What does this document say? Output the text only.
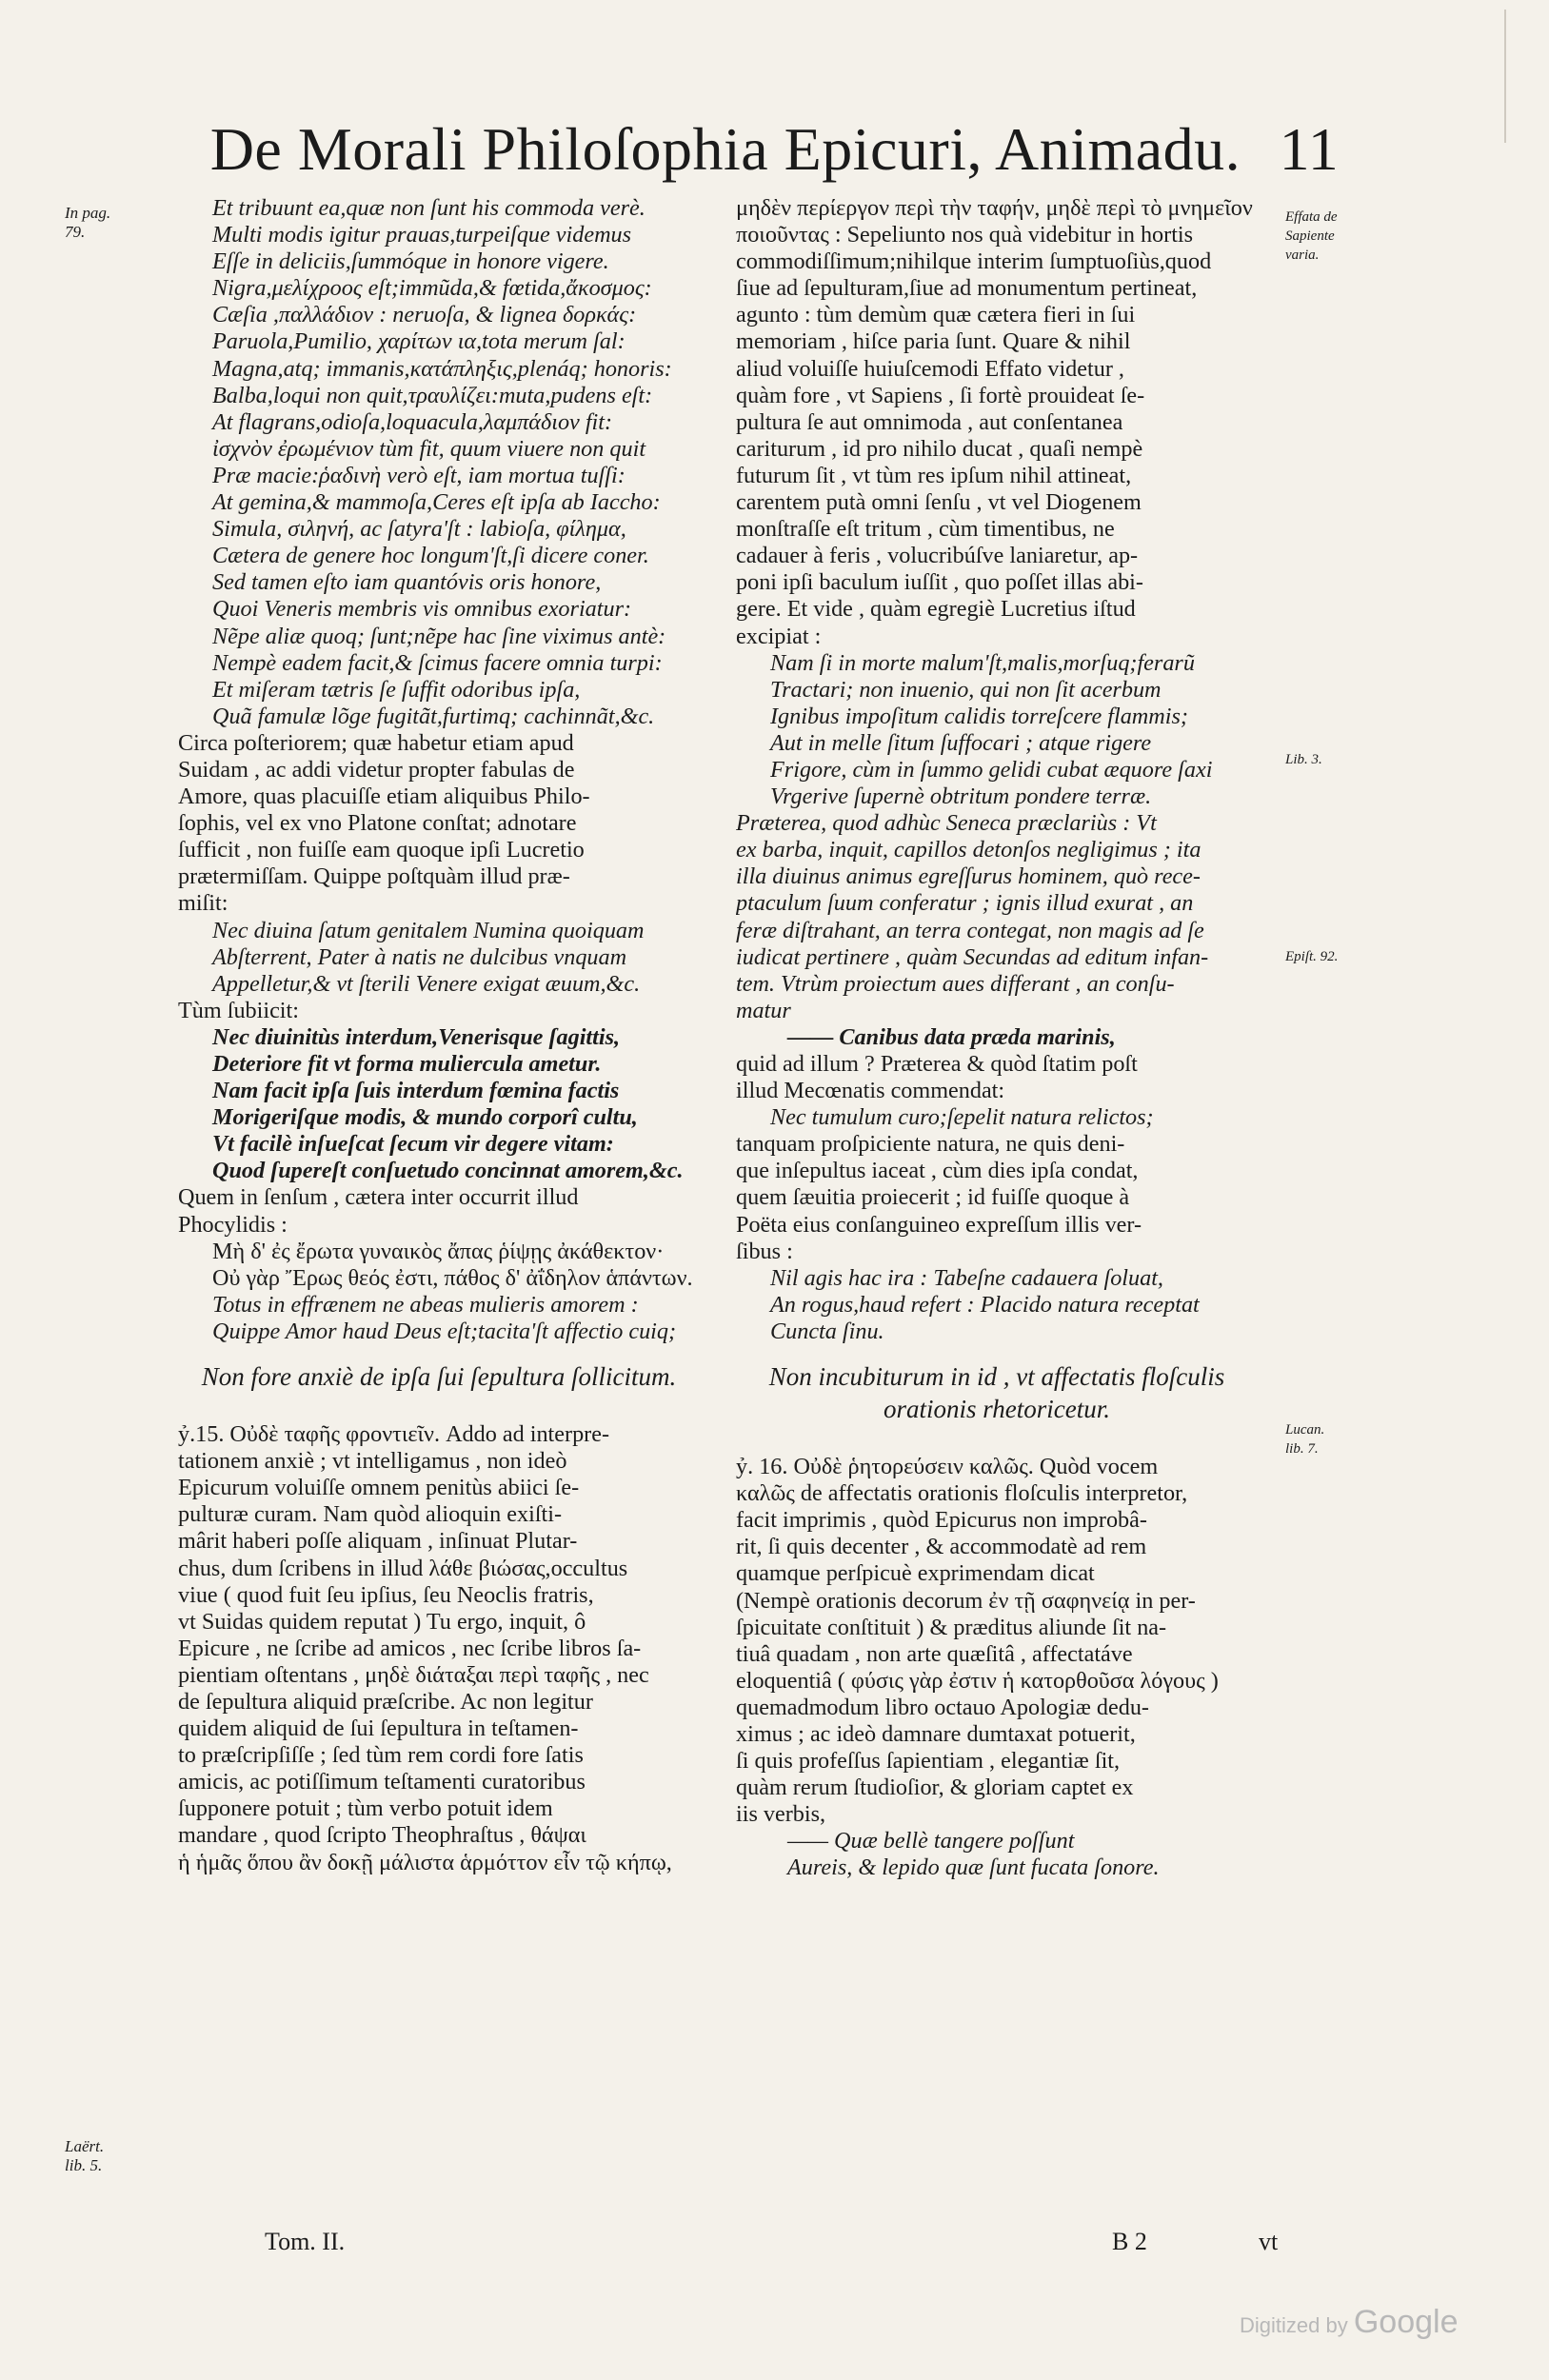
De Morali Philoſophia Epicuri, Animadu. 11
In pag.
79.
Laërt.
lib. 5.
Effata de Sapiente varia.
Lib. 3.
Epiſt. 92.
Lucan.
lib. 7.
Et tribuunt ea,quæ non ſunt his commoda verè.
Multi modis igitur prauas,turpeiſque videmus
Eſſe in deliciis,ſummóque in honore vigere.
Nigra,μελίχροος eſt;immũda,& fœtida,ἄκοσμος:
Cæſia ,παλλάδιον : neruoſa, & lignea δορκάς:
Paruola,Pumilio, χαρίτων ια,tota merum ſal:
Magna,atq; immanis,κατάπληξις,plenáq; honoris:
Balba,loqui non quit,τραυλίζει:muta,pudens eſt:
At flagrans,odioſa,loquacula,λαμπάδιον fit:
ἰσχνὸν ἐρωμένιον tùm fit, quum viuere non quit
Præ macie:ῥαδινὴ verò eſt, iam mortua tuſſi:
At gemina,& mammoſa,Ceres eſt ipſa ab Iaccho:
Simula, σιληνή, ac ſatyra'ſt : labioſa, φίλημα,
Cætera de genere hoc longum'ſt,ſi dicere coner.
Sed tamen eſto iam quantóvis oris honore,
Quoi Veneris membris vis omnibus exoriatur:
Nẽpe aliæ quoq; ſunt;nẽpe hac ſine viximus antè:
Nempè eadem facit,& ſcimus facere omnia turpi:
Et miſeram tætris ſe ſuffit odoribus ipſa,
Quã famulæ lõge fugitãt,furtimq; cachinnãt,&c.
Circa poſteriorem; quæ habetur etiam apud
Suidam , ac addi videtur propter fabulas de
Amore, quas placuiſſe etiam aliquibus Philo-
ſophis, vel ex vno Platone conſtat; adnotare
ſufficit , non fuiſſe eam quoque ipſi Lucretio
prætermiſſam. Quippe poſtquàm illud præ-
miſit:
Nec diuina ſatum genitalem Numina quoiquam
Abſterrent, Pater à natis ne dulcibus vnquam
Appelletur,& vt ſterili Venere exigat æuum,&c.
Tùm ſubiicit:
Nec diuinitùs interdum,Venerisque ſagittis,
Deteriore fit vt forma muliercula ametur.
Nam facit ipſa ſuis interdum fœmina factis
Morigeriſque modis, & mundo corporî cultu,
Vt facilè inſueſcat ſecum vir degere vitam:
Quod ſupereſt conſuetudo concinnat amorem,&c.
Quem in ſenſum , cætera inter occurrit illud
Phocylidis :
Μὴ δ' ἐς ἔρωτα γυναικὸς ἄπας ῥίψῃς ἀκάθεκτον·
Οὐ γὰρ Ἔρως θεός ἐστι, πάθος δ' ἀΐδηλον ἁπάντων.
Totus in effrænem ne abeas mulieris amorem :
Quippe Amor haud Deus eſt;tacita'ſt affectio cuiq;
Non fore anxiè de ipſa ſui ſepultura ſollicitum.
ỷ.15. Οὐδὲ ταφῆς φροντιεῖν. Addo ad interpre-
tationem anxiè ; vt intelligamus , non ideò
Epicurum voluiſſe omnem penitùs abiici ſe-
pulturæ curam. Nam quòd alioquin exiſti-
mârit haberi poſſe aliquam , inſinuat Plutar-
chus, dum ſcribens in illud λάθε βιώσας,occultus
viue ( quod fuit ſeu ipſius, ſeu Neoclis fratris,
vt Suidas quidem reputat ) Tu ergo, inquit, ô
Epicure , ne ſcribe ad amicos , nec ſcribe libros ſa-
pientiam oſtentans , μηδὲ διάταξαι περὶ ταφῆς , nec
de ſepultura aliquid præſcribe. Ac non legitur
quidem aliquid de ſui ſepultura in teſtamen-
to præſcripſiſſe ; ſed tùm rem cordi fore ſatis
amicis, ac potiſſimum teſtamenti curatoribus
ſupponere potuit ; tùm verbo potuit idem
mandare , quod ſcripto Theophraſtus , θάψαι
ἡ ἡμᾶς ὅπου ἂν δοκῇ μάλιστα ἁρμόττον εἶν τῷ κήπῳ,
Tom. II.
μηδὲν περίεργον περὶ τὴν ταφήν, μηδὲ περὶ τὸ μνημεῖον
ποιοῦντας : Sepeliunto nos quà videbitur in hortis
commodiſſimum;nihilque interim ſumptuoſiùs,quod
ſiue ad ſepulturam,ſiue ad monumentum pertineat,
agunto : tùm demùm quæ cætera fieri in ſui
memoriam , hiſce paria ſunt. Quare & nihil
aliud voluiſſe huiuſcemodi Effato videtur ,
quàm fore , vt Sapiens , ſi fortè prouideat ſe-
pultura ſe aut omnimoda , aut conſentanea
cariturum , id pro nihilo ducat , quaſi nempè
futurum ſit , vt tùm res ipſum nihil attineat,
carentem putà omni ſenſu , vt vel Diogenem
monſtraſſe eſt tritum , cùm timentibus, ne
cadauer à feris , volucribúſve laniaretur, ap-
poni ipſi baculum iuſſit , quo poſſet illas abi-
gere. Et vide , quàm egregiè Lucretius iſtud
excipiat :
Nam ſi in morte malum'ſt,malis,morſuq;ferarũ
Tractari; non inuenio, qui non ſit acerbum
Ignibus impoſitum calidis torreſcere flammis;
Aut in melle ſitum ſuffocari ; atque rigere
Frigore, cùm in ſummo gelidi cubat æquore ſaxi
Vrgerive ſupernè obtritum pondere terræ.
Præterea, quod adhùc Seneca præclariùs : Vt
ex barba, inquit, capillos detonſos negligimus ; ita
illa diuinus animus egreſſurus hominem, quò rece-
ptaculum ſuum conferatur ; ignis illud exurat , an
feræ diſtrahant, an terra contegat, non magis ad ſe
iudicat pertinere , quàm Secundas ad editum infan-
tem. Vtrùm proiectum aues differant , an conſu-
matur
—— Canibus data præda marinis,
quid ad illum ? Præterea & quòd ſtatim poſt
illud Mecœnatis commendat:
Nec tumulum curo;ſepelit natura relictos;
tanquam proſpiciente natura, ne quis deni-
que inſepultus iaceat , cùm dies ipſa condat,
quem ſæuitia proiecerit ; id fuiſſe quoque à
Poëta eius conſanguineo expreſſum illis ver-
ſibus :
Nil agis hac ira : Tabeſne cadauera ſoluat,
An rogus,haud refert : Placido natura receptat
Cuncta ſinu.
Non incubiturum in id , vt affectatis floſculis
orationis rhetoricetur.
ỷ. 16. Οὐδὲ ῥητορεύσειν καλῶς. Quòd vocem
καλῶς de affectatis orationis floſculis interpretor,
facit imprimis , quòd Epicurus non improbâ-
rit, ſi quis decenter , & accommodatè ad rem
quamque perſpicuè exprimendam dicat
(Nempè orationis decorum ἐν τῇ σαφηνείᾳ in per-
ſpicuitate conſtituit ) & præditus aliunde ſit na-
tiuâ quadam , non arte quæſitâ , affectatáve
eloquentiâ ( φύσις γὰρ ἐστιν ἡ κατορθοῦσα λόγους )
quemadmodum libro octauo Apologiæ dedu-
ximus ; ac ideò damnare dumtaxat potuerit,
ſi quis profeſſus ſapientiam , elegantiæ ſit,
quàm rerum ſtudioſior, & gloriam captet ex
iis verbis,
—— Quæ bellè tangere poſſunt
Aureis, & lepido quæ ſunt fucata ſonore.
B 2	vt
Digitized by Google
